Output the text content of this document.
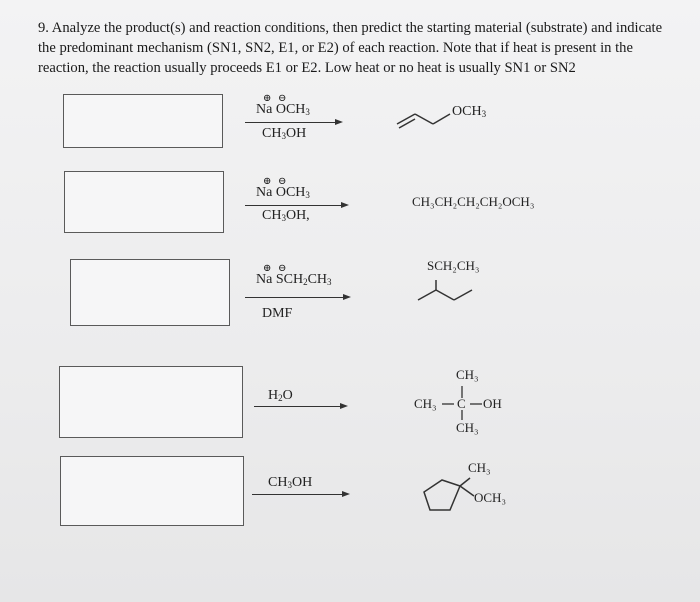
9. Analyze the product(s) and reaction conditions, then predict the starting material (substrate) and indicate the predominant mechanism (SN1, SN2, E1, or E2) of each reaction. Note that if heat is present in the reaction, the reaction usually proceeds E1 or E2. Low heat or no heat is usually SN1 or SN2
⊕ ⊖
Na $OCH_3$
$CH_3OH$
$OCH_3$
⊕ ⊖
Na $OCH_3$
$CH_3OH$,
CH₃CH₂CH₂CH₂OCH₃
⊕ ⊖
Na $SCH_2CH_3$
DMF
SCH₂CH₃
$H_2O$
CH₃
CH₃ C OH
CH₃
$CH_3OH$
CH₃
OCH₃
